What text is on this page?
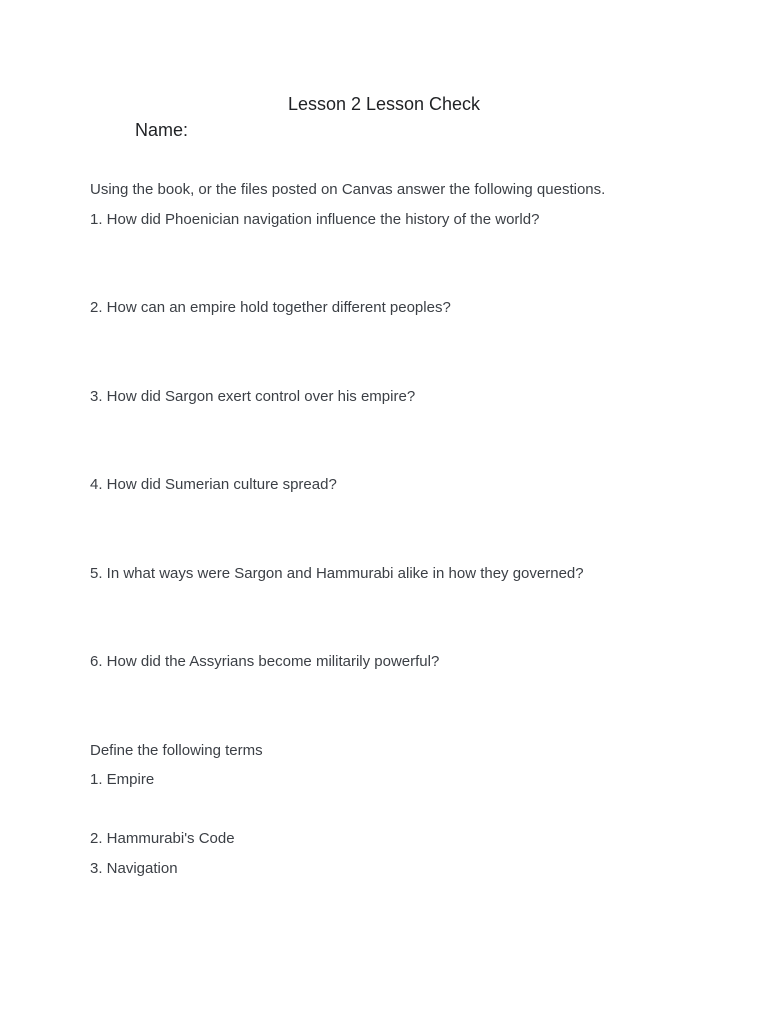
Lesson 2 Lesson Check
Name:
Using the book, or the files posted on Canvas answer the following questions.
1. How did Phoenician navigation influence the history of the world?
2. How can an empire hold together different peoples?
3. How did Sargon exert control over his empire?
4. How did Sumerian culture spread?
5. In what ways were Sargon and Hammurabi alike in how they governed?
6. How did the Assyrians become militarily powerful?
Define the following terms
1. Empire
2. Hammurabi's Code
3. Navigation
